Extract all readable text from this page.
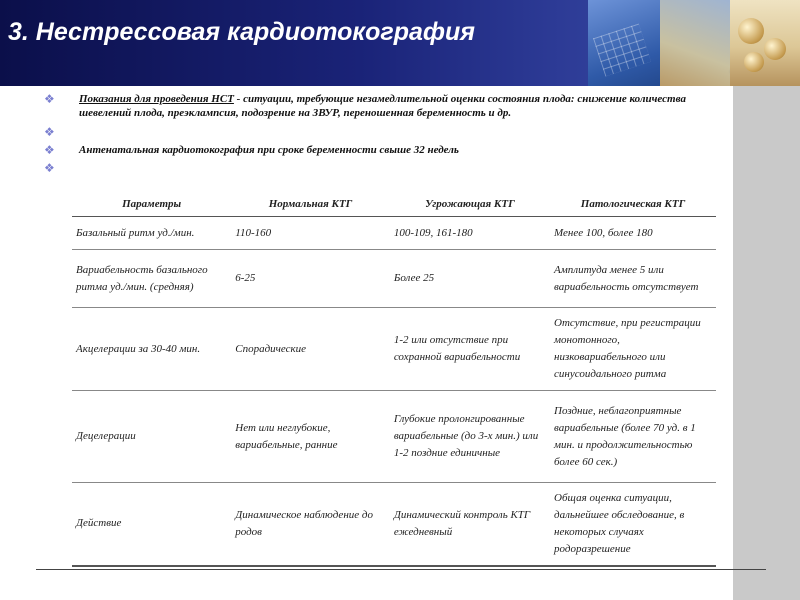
3. Нестрессовая кардиотокография
❖ Показания для проведения НСТ - ситуации, требующие незамедлительной оценки состояния плода: снижение количества шевелений плода, преэклампсия, подозрение на ЗВУР, переношенная беременность и др.
❖
❖ Антенатальная кардиотокография при сроке беременности свыше 32 недель
❖
Параметры	Нормальная КТГ	Угрожающая КТГ	Патологическая КТГ
Базальный ритм уд./мин.	110-160	100-109, 161-180	Менее 100, более 180
Вариабельность базального ритма уд./мин. (средняя)	6-25	Более 25	Амплитуда менее 5 или вариабельность отсутствует
Акцелерации за 30-40 мин.	Спорадические	1-2 или отсутствие при сохранной вариабельности	Отсутствие, при регистрации монотонного, низковариабельного или синусоидального ритма
Децелерации	Нет или неглубокие, вариабельные, ранние	Глубокие пролонгированные вариабельные (до 3-х мин.) или 1-2 поздние единичные	Поздние, неблагоприятные вариабельные (более 70 уд. в 1 мин. и продолжительностью более 60 сек.)
Действие	Динамическое наблюдение до родов	Динамический контроль КТГ ежедневный	Общая оценка ситуации, дальнейшее обследование, в некоторых случаях родоразрешение
